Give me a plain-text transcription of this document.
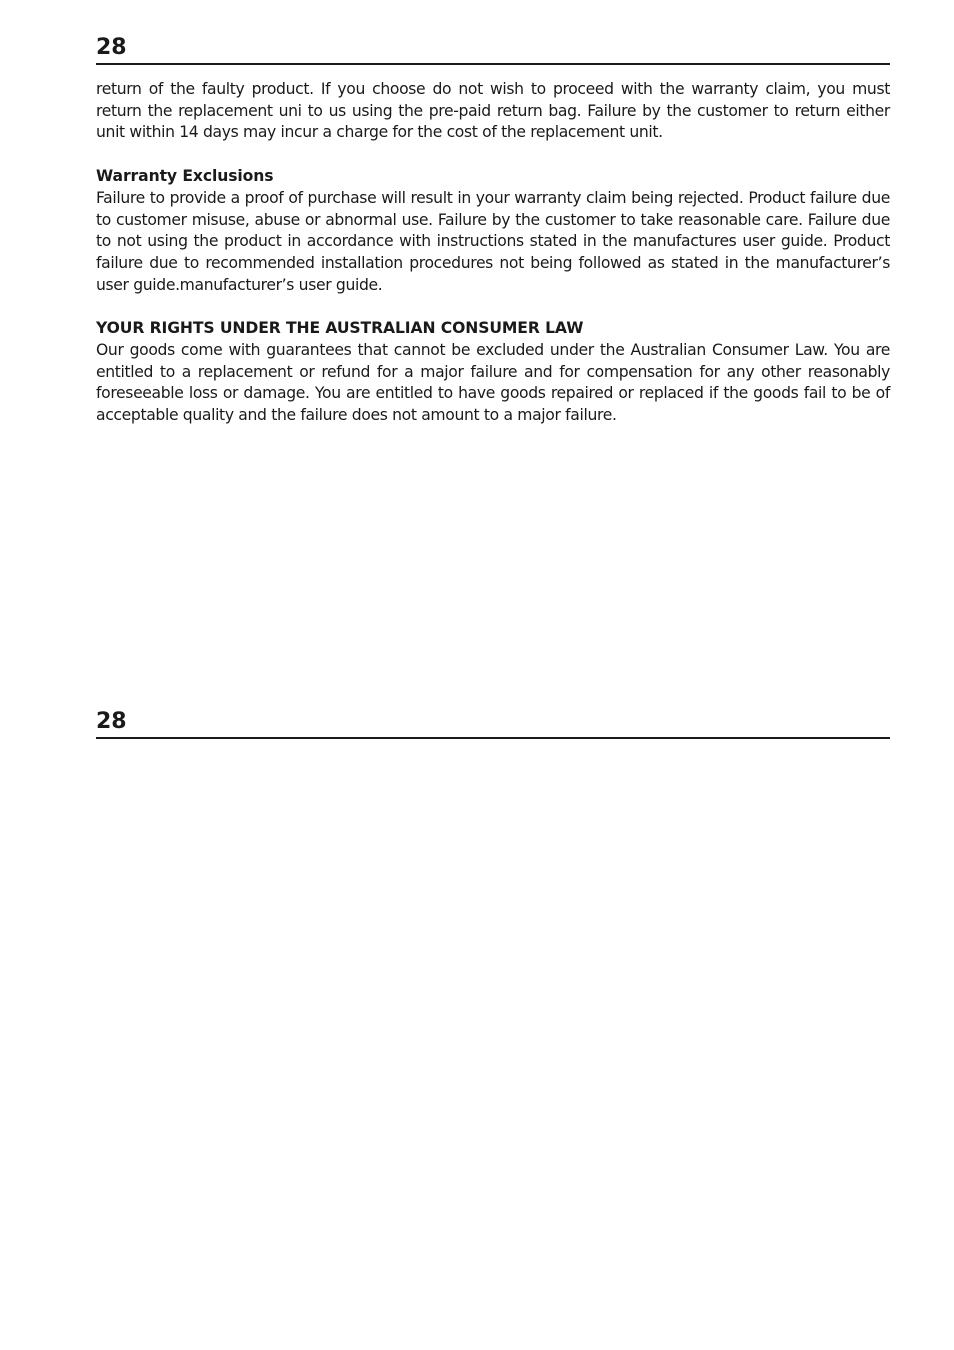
28

return of the faulty product. If you choose do not wish to proceed with the warranty claim, you must return the replacement uni to us using the pre-paid return bag. Failure by the customer to return either unit within 14 days may incur a charge for the cost of the replacement unit.

Warranty Exclusions

Failure to provide a proof of purchase will result in your warranty claim being rejected. Product failure due to customer misuse, abuse or abnormal use. Failure by the customer to take reasonable care. Failure due to not using the product in accordance with instructions stated in the manufactures user guide. Product failure due to recommended installation procedures not being followed as stated in the manufacturer’s user guide.manufacturer’s user guide.

YOUR RIGHTS UNDER THE AUSTRALIAN CONSUMER LAW

Our goods come with guarantees that cannot be excluded under the Australian Consumer Law. You are entitled to a replacement or refund for a major failure and for compensation for any other reasonably foreseeable loss or damage. You are entitled to have goods repaired or replaced if the goods fail to be of acceptable quality and the failure does not amount to a major failure.

28
